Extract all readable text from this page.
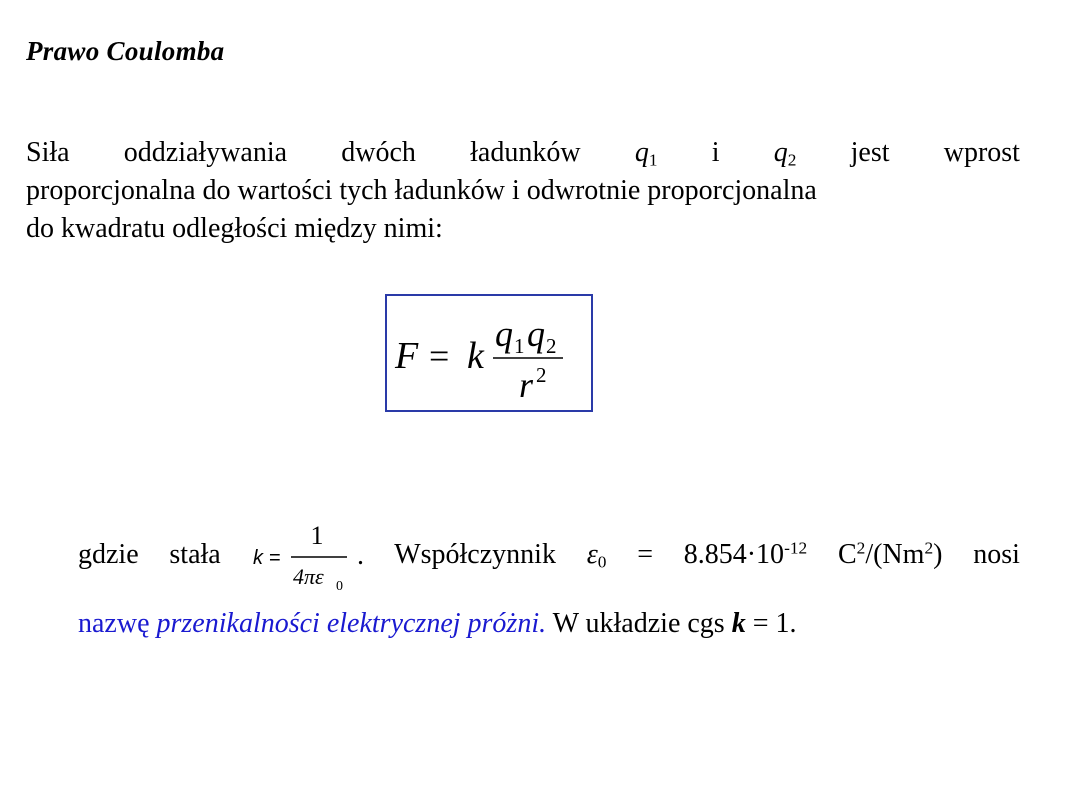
Prawo Coulomba
Siła oddziaływania dwóch ładunków $q_1$ i $q_2$ jest wprost
proporcjonalna do wartości tych ładunków i odwrotnie proporcjonalna
do kwadratu odległości między nimi:
F = k
q 1 q 2
r 2
gdzie stała k =
1
4πε 0
. Współczynnik $\varepsilon_0 = 8.854\cdot 10^{-12}$ $C^2/(Nm^2)$ nosi
nazwę przenikalności elektrycznej próżni. W układzie cgs k = 1.
